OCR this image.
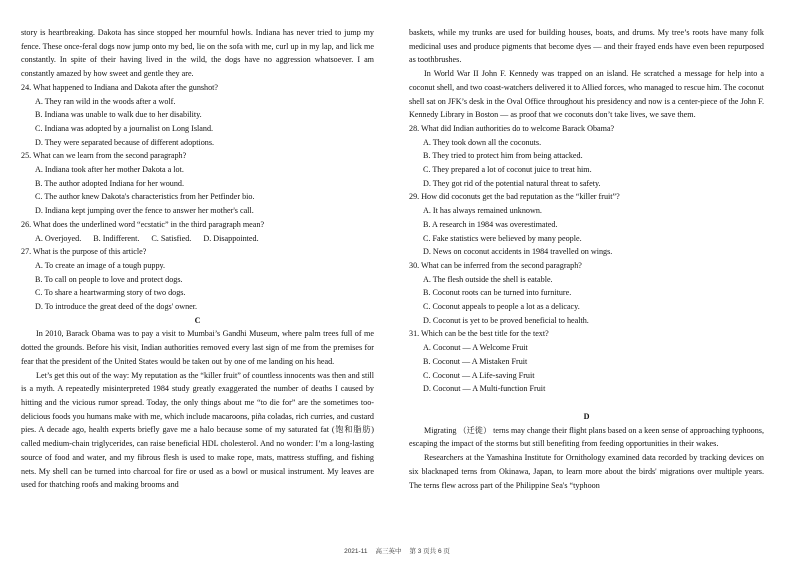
story is heartbreaking. Dakota has since stopped her mournful howls. Indiana has never tried to jump my fence. These once-feral dogs now jump onto my bed, lie on the sofa with me, curl up in my lap, and lick me constantly. In spite of their having lived in the wild, the dogs have no aggression whatsoever. I am constantly amazed by how sweet and gentle they are.

24. What happened to Indiana and Dakota after the gunshot?

A. They ran wild in the woods after a wolf.

B. Indiana was unable to walk due to her disability.

C. Indiana was adopted by a journalist on Long Island.

D. They were separated because of different adoptions.

25. What can we learn from the second paragraph?

A. Indiana took after her mother Dakota a lot.

B. The author adopted Indiana for her wound.

C. The author knew Dakota's characteristics from her Petfinder bio.

D. Indiana kept jumping over the fence to answer her mother's call.

26. What does the underlined word “ecstatic” in the third paragraph mean?

A. Overjoyed. B. Indifferent. C. Satisfied. D. Disappointed.

27. What is the purpose of this article?

A. To create an image of a tough puppy.

B. To call on people to love and protect dogs.

C. To share a heartwarming story of two dogs.

D. To introduce the great deed of the dogs' owner.

C

In 2010, Barack Obama was to pay a visit to Mumbai’s Gandhi Museum, where palm trees full of me dotted the grounds. Before his visit, Indian authorities removed every last sign of me from the premises for fear that the president of the United States would be taken out by one of me landing on his head.

Let’s get this out of the way: My reputation as the “killer fruit” of countless innocents was then and still is a myth. A repeatedly misinterpreted 1984 study greatly exaggerated the number of deaths I caused by hitting and the vicious rumor spread. Today, the only things about me “to die for” are the sometimes too-delicious foods you humans make with me, which include macaroons, piña coladas, rich curries, and custard pies. A decade ago, health experts briefly gave me a halo because some of my saturated fat (饱和脂肪) called medium-chain triglycerides, can raise beneficial HDL cholesterol. And no wonder: I’m a long-lasting source of food and water, and my fibrous flesh is used to make rope, mats, mattress stuffing, and fishing nets. My shell can be turned into charcoal for fire or used as a bowl or musical instrument. My leaves are used for thatching roofs and making brooms and

baskets, while my trunks are used for building houses, boats, and drums. My tree’s roots have many folk medicinal uses and produce pigments that become dyes — and their frayed ends have even been repurposed as toothbrushes.

In World War II John F. Kennedy was trapped on an island. He scratched a message for help into a coconut shell, and two coast-watchers delivered it to Allied forces, who managed to rescue him. The coconut shell sat on JFK’s desk in the Oval Office throughout his presidency and now is a center-piece of the John F. Kennedy Library in Boston — as proof that we coconuts don’t take lives, we save them.

28. What did Indian authorities do to welcome Barack Obama?

A. They took down all the coconuts.

B. They tried to protect him from being attacked.

C. They prepared a lot of coconut juice to treat him.

D. They got rid of the potential natural threat to safety.

29. How did coconuts get the bad reputation as the “killer fruit”?

A. It has always remained unknown.

B. A research in 1984 was overestimated.

C. Fake statistics were believed by many people.

D. News on coconut accidents in 1984 travelled on wings.

30. What can be inferred from the second paragraph?

A. The flesh outside the shell is eatable.

B. Coconut roots can be turned into furniture.

C. Coconut appeals to people a lot as a delicacy.

D. Coconut is yet to be proved beneficial to health.

31. Which can be the best title for the text?

A. Coconut — A Welcome Fruit

B. Coconut — A Mistaken Fruit

C. Coconut — A Life-saving Fruit

D. Coconut — A Multi-function Fruit

D

Migrating （迁徙） terns may change their flight plans based on a keen sense of approaching typhoons, escaping the impact of the storms but still benefiting from feeding opportunities in their wakes.

Researchers at the Yamashina Institute for Ornithology examined data recorded by tracking devices on six blacknaped terns from Okinawa, Japan, to learn more about the birds' migrations over multiple years. The terns flew across part of the Philippine Sea's “typhoon

2021-11 高三英中 第 3 页共 6 页
